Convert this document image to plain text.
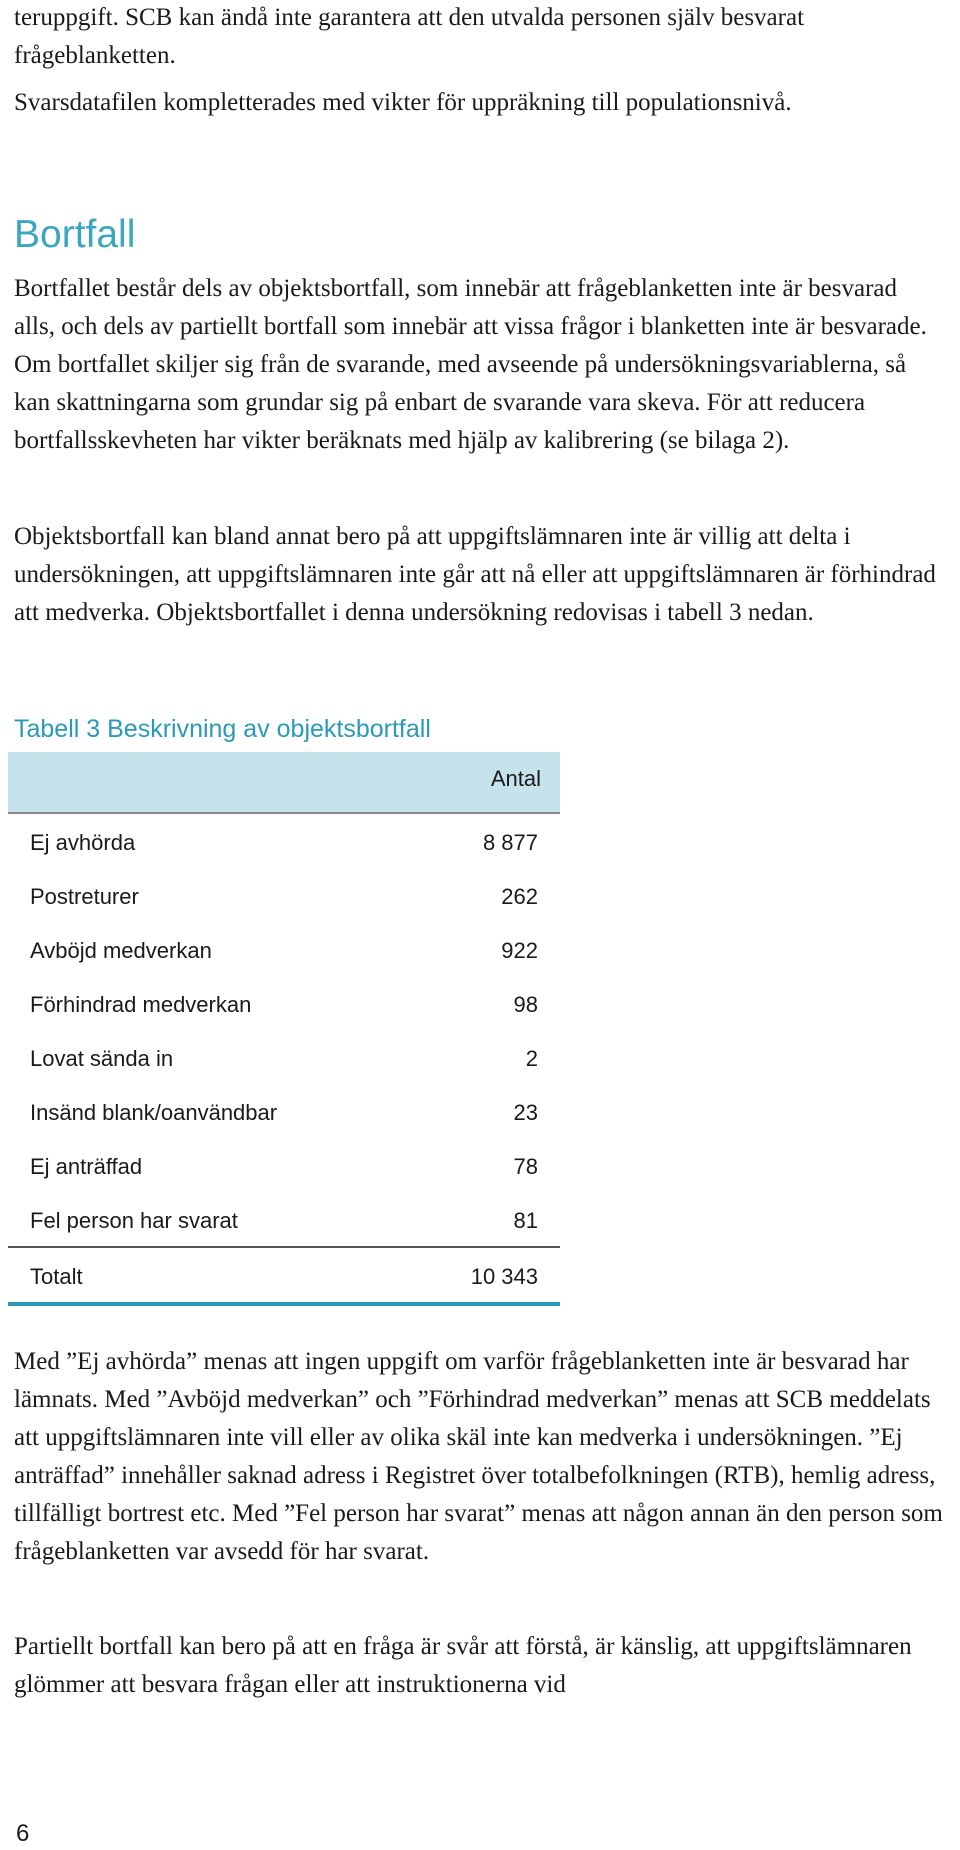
teruppgift. SCB kan ändå inte garantera att den utvalda personen själv besvarat frågeblanketten.

Svarsdatafilen kompletterades med vikter för uppräkning till populationsnivå.

Bortfall

Bortfallet består dels av objektsbortfall, som innebär att frågeblanketten inte är besvarad alls, och dels av partiellt bortfall som innebär att vissa frågor i blanketten inte är besvarade. Om bortfallet skiljer sig från de svarande, med avseende på undersökningsvariablerna, så kan skattningarna som grundar sig på enbart de svarande vara skeva. För att reducera bortfallsskevheten har vikter beräknats med hjälp av kalibrering (se bilaga 2).

Objektsbortfall kan bland annat bero på att uppgiftslämnaren inte är villig att delta i undersökningen, att uppgiftslämnaren inte går att nå eller att uppgiftslämnaren är förhindrad att medverka. Objektsbortfallet i denna undersökning redovisas i tabell 3 nedan.

Tabell 3 Beskrivning av objektsbortfall
Antal
Ej avhörda	8 877
Postreturer	262
Avböjd medverkan	922
Förhindrad medverkan	98
Lovat sända in	2
Insänd blank/oanvändbar	23
Ej anträffad	78
Fel person har svarat	81
Totalt	10 343

Med ”Ej avhörda” menas att ingen uppgift om varför frågeblanketten inte är besvarad har lämnats. Med ”Avböjd medverkan” och ”Förhindrad medverkan” menas att SCB meddelats att uppgiftslämnaren inte vill eller av olika skäl inte kan medverka i undersökningen. ”Ej anträffad” innehåller saknad adress i Registret över totalbefolkningen (RTB), hemlig adress, tillfälligt bortrest etc. Med ”Fel person har svarat” menas att någon annan än den person som frågeblanketten var avsedd för har svarat.

Partiellt bortfall kan bero på att en fråga är svår att förstå, är känslig, att uppgiftslämnaren glömmer att besvara frågan eller att instruktionerna vid

6
